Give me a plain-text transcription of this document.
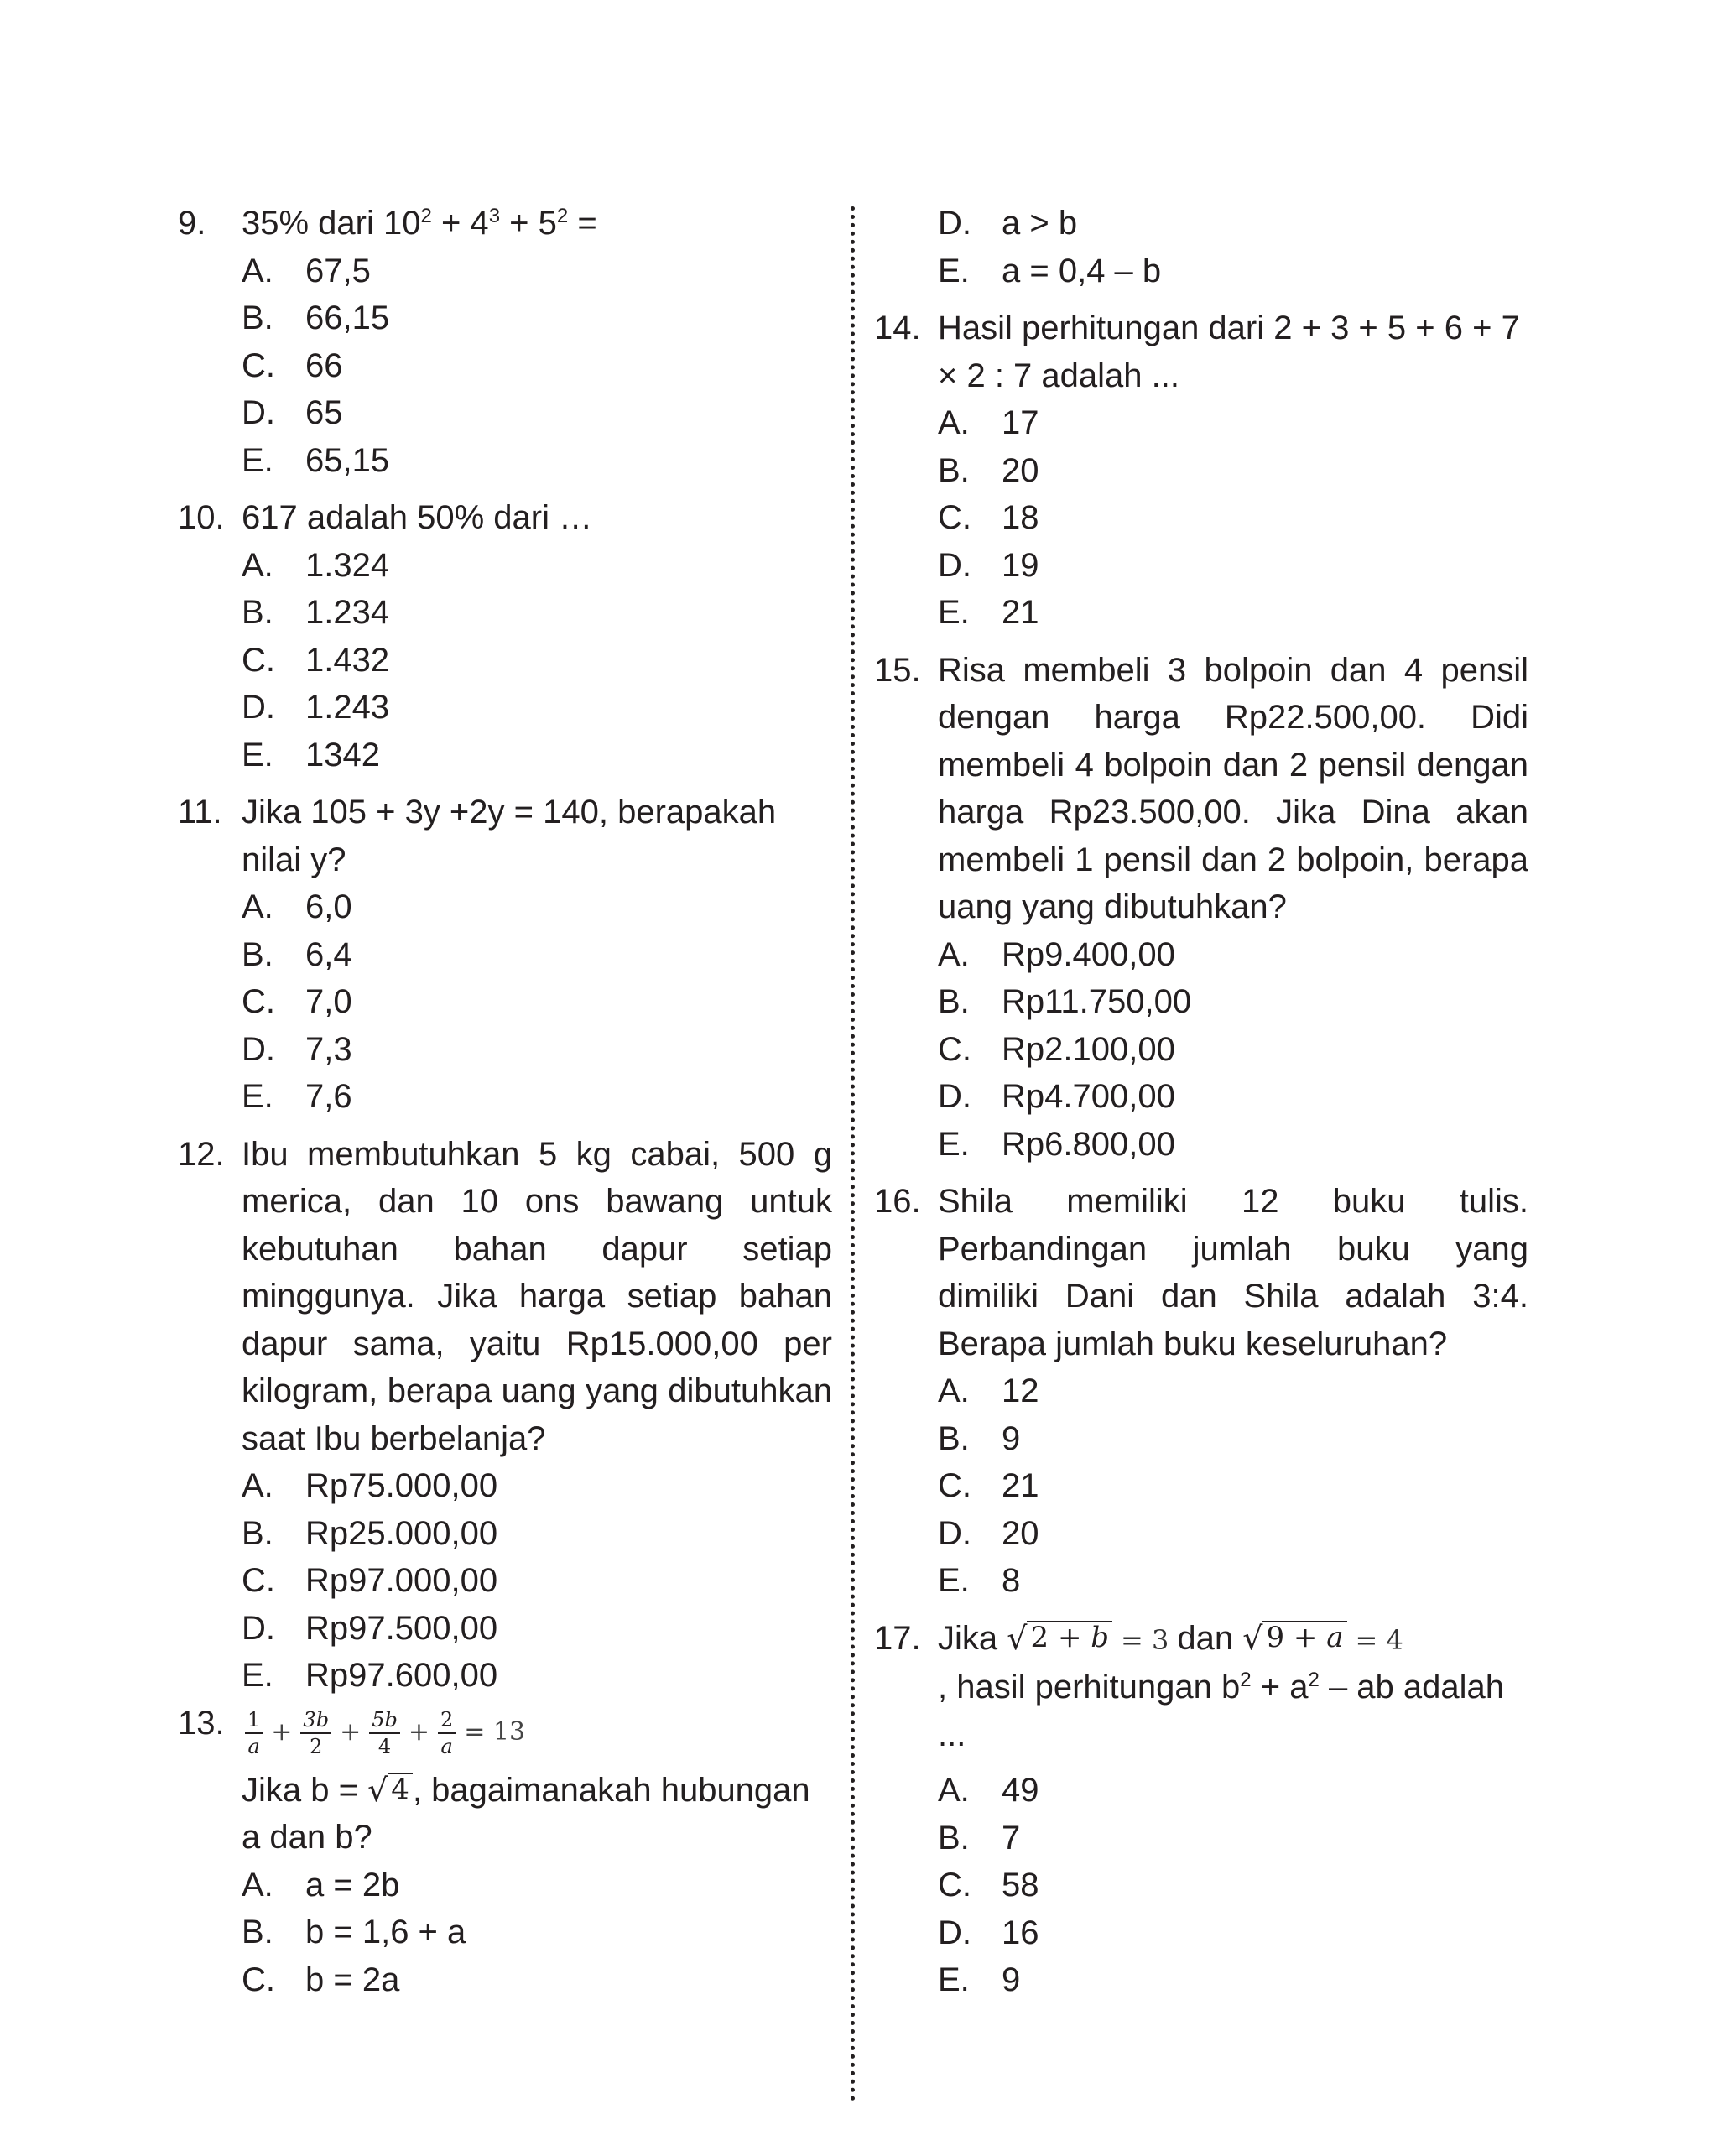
9. 35% dari $10^2 + 4^3 + 5^2$ =

A. 67,5
B. 66,15
C. 66
D. 65
E. 65,15
10. 617 adalah 50% dari …

A. 1.324
B. 1.234
C. 1.432
D. 1.243
E. 1342
11. Jika 105 + 3y +2y = 140, berapakah nilai y?

A. 6,0
B. 6,4
C. 7,0
D. 7,3
E. 7,6
12. Ibu membutuhkan 5 kg cabai, 500 g merica, dan 10 ons bawang untuk kebutuhan bahan dapur setiap minggunya. Jika harga setiap bahan dapur sama, yaitu Rp15.000,00 per kilogram, berapa uang yang dibutuhkan saat Ibu berbelanja?

A. Rp75.000,00
B. Rp25.000,00
C. Rp97.000,00
D. Rp97.500,00
E. Rp97.600,00
13. $\frac{1}{a} + \frac{3b}{2} + \frac{5b}{4} + \frac{2}{a} = 13$

Jika b = √ 4 , bagaimanakah hubungan a dan b?

A. a = 2b
B. b = 1,6 + a
C. b = 2a
D. a > b
E. a = 0,4 – b
14. Hasil perhitungan dari 2 + 3 + 5 + 6 + 7 × 2 : 7 adalah ...

A. 17
B. 20
C. 18
D. 19
E. 21
15. Risa membeli 3 bolpoin dan 4 pensil dengan harga Rp22.500,00. Didi membeli 4 bolpoin dan 2 pensil dengan harga Rp23.500,00. Jika Dina akan membeli 1 pensil dan 2 bolpoin, berapa uang yang dibutuhkan?

A. Rp9.400,00
B. Rp11.750,00
C. Rp2.100,00
D. Rp4.700,00
E. Rp6.800,00
16. Shila memiliki 12 buku tulis. Perbandingan jumlah buku yang dimiliki Dani dan Shila adalah 3:4. Berapa jumlah buku keseluruhan?

A. 12
B. 9
C. 21
D. 20
E. 8
17. Jika √ 2 + b = 3 dan √ 9 + a = 4
, hasil perhitungan $b^2 + a^2$ – ab adalah
...

A. 49
B. 7
C. 58
D. 16
E. 9
